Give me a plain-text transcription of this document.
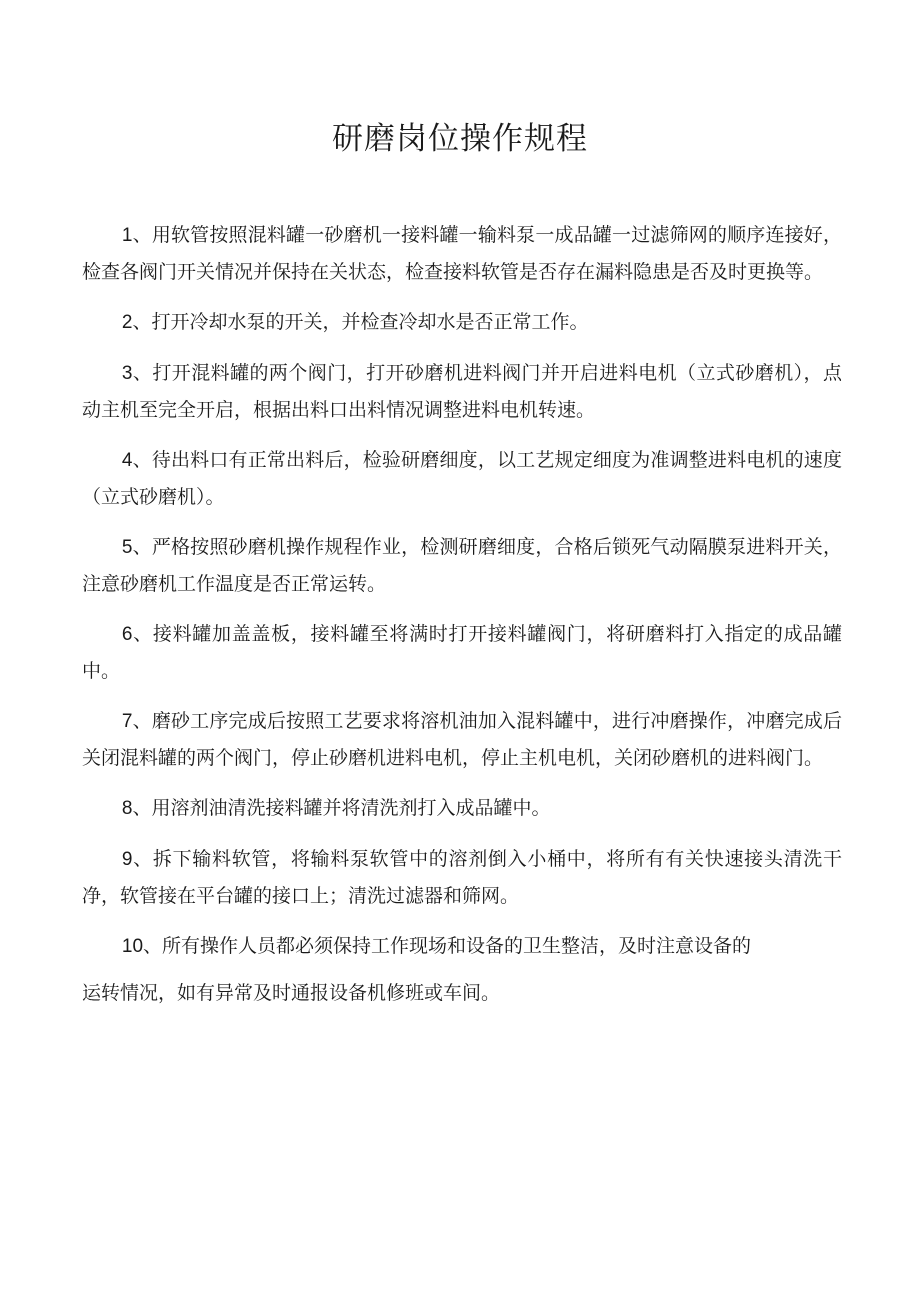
研磨岗位操作规程

1、用软管按照混料罐一砂磨机一接料罐一输料泵一成品罐一过滤筛网的顺序连接好，检查各阀门开关情况并保持在关状态，检查接料软管是否存在漏料隐患是否及时更换等。

2、打开冷却水泵的开关，并检查冷却水是否正常工作。

3、打开混料罐的两个阀门，打开砂磨机进料阀门并开启进料电机（立式砂磨机），点动主机至完全开启，根据出料口出料情况调整进料电机转速。

4、待出料口有正常出料后，检验研磨细度，以工艺规定细度为准调整进料电机的速度（立式砂磨机）。

5、严格按照砂磨机操作规程作业，检测研磨细度，合格后锁死气动隔膜泵进料开关，注意砂磨机工作温度是否正常运转。

6、接料罐加盖盖板，接料罐至将满时打开接料罐阀门，将研磨料打入指定的成品罐中。

7、磨砂工序完成后按照工艺要求将溶机油加入混料罐中，进行冲磨操作，冲磨完成后关闭混料罐的两个阀门，停止砂磨机进料电机，停止主机电机，关闭砂磨机的进料阀门。

8、用溶剂油清洗接料罐并将清洗剂打入成品罐中。

9、拆下输料软管，将输料泵软管中的溶剂倒入小桶中，将所有有关快速接头清洗干净，软管接在平台罐的接口上；清洗过滤器和筛网。

10、所有操作人员都必须保持工作现场和设备的卫生整洁，及时注意设备的
运转情况，如有异常及时通报设备机修班或车间。
